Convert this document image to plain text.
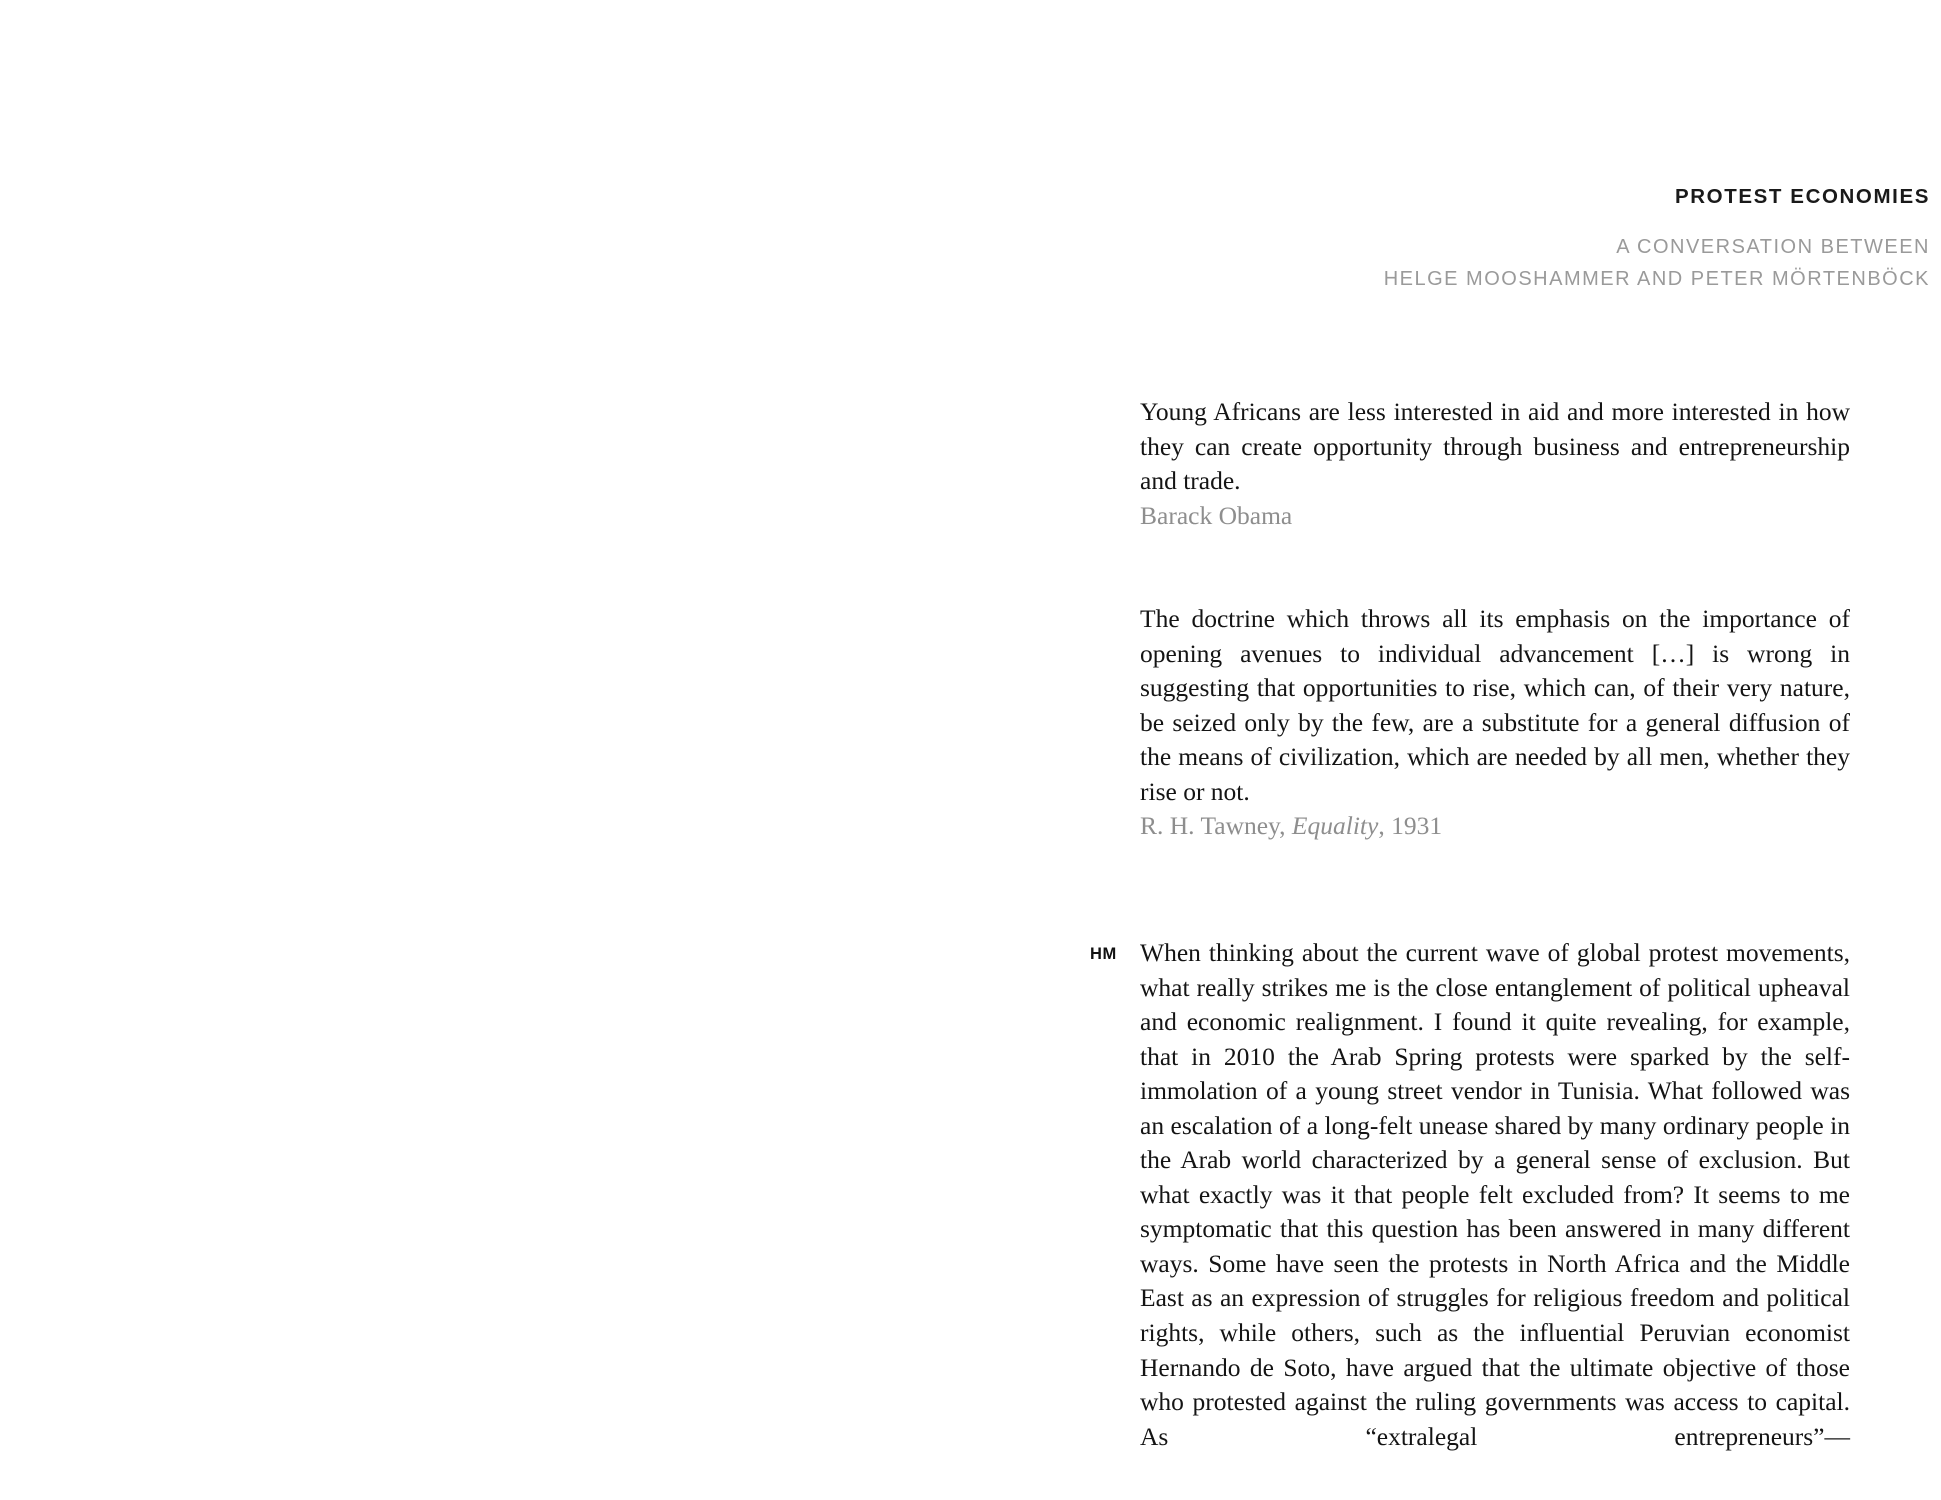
PROTEST ECONOMIES
A CONVERSATION BETWEEN
HELGE MOOSHAMMER AND PETER MÖRTENBÖCK

Young Africans are less interested in aid and more interested in how they can create opportunity through business and entrepreneurship and trade.

Barack Obama

The doctrine which throws all its emphasis on the importance of opening avenues to individual advancement […] is wrong in suggesting that opportunities to rise, which can, of their very nature, be seized only by the few, are a substitute for a general diffusion of the means of civilization, which are needed by all men, whether they rise or not.

R. H. Tawney, Equality, 1931

HM When thinking about the current wave of global protest movements, what really strikes me is the close entanglement of political upheaval and economic realignment. I found it quite revealing, for example, that in 2010 the Arab Spring protests were sparked by the self-immolation of a young street vendor in Tunisia. What followed was an escalation of a long-felt unease shared by many ordinary people in the Arab world characterized by a general sense of exclusion. But what exactly was it that people felt excluded from? It seems to me symptomatic that this question has been answered in many different ways. Some have seen the protests in North Africa and the Middle East as an expression of struggles for religious freedom and political rights, while others, such as the influential Peruvian economist Hernando de Soto, have argued that the ultimate objective of those who protested against the ruling governments was access to capital. As “extralegal entrepreneurs”—
